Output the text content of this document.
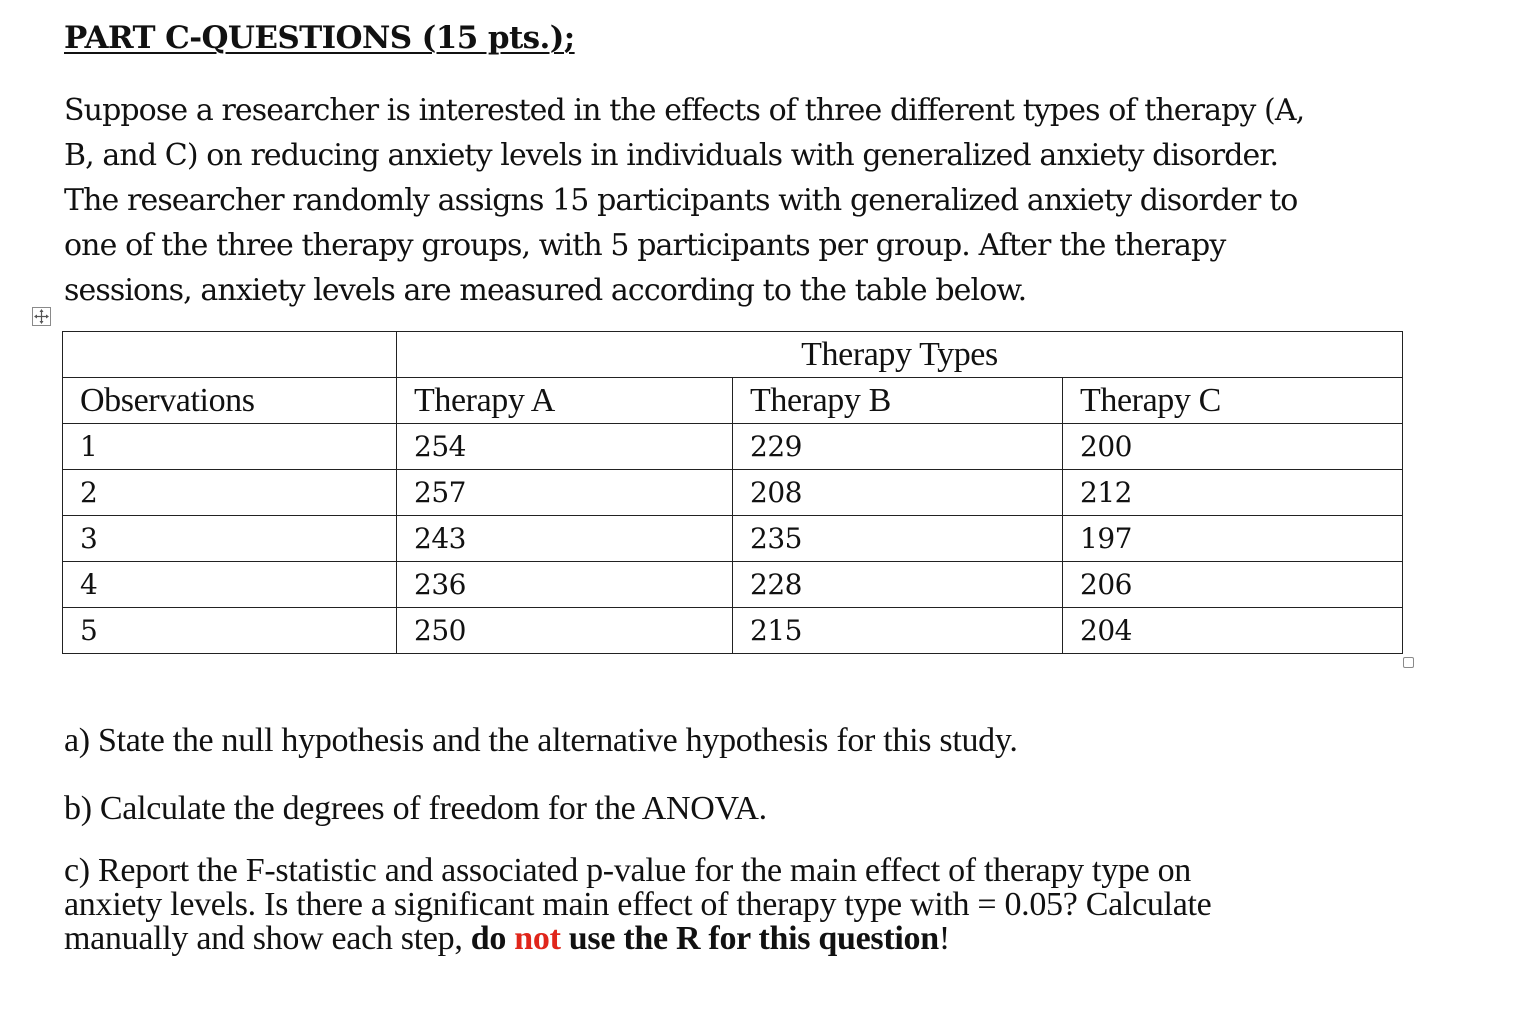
PART C-QUESTIONS (15 pts.);
Suppose a researcher is interested in the effects of three different types of therapy (A,
B, and C) on reducing anxiety levels in individuals with generalized anxiety disorder.
The researcher randomly assigns 15 participants with generalized anxiety disorder to
one of the three therapy groups, with 5 participants per group. After the therapy
sessions, anxiety levels are measured according to the table below.
	Therapy Types		
Observations	Therapy A	Therapy B	Therapy C
1	254	229	200
2	257	208	212
3	243	235	197
4	236	228	206
5	250	215	204

a) State the null hypothesis and the alternative hypothesis for this study.

b) Calculate the degrees of freedom for the ANOVA.

c) Report the F-statistic and associated p-value for the main effect of therapy type on
anxiety levels. Is there a significant main effect of therapy type with = 0.05? Calculate
manually and show each step, do not use the R for this question!
